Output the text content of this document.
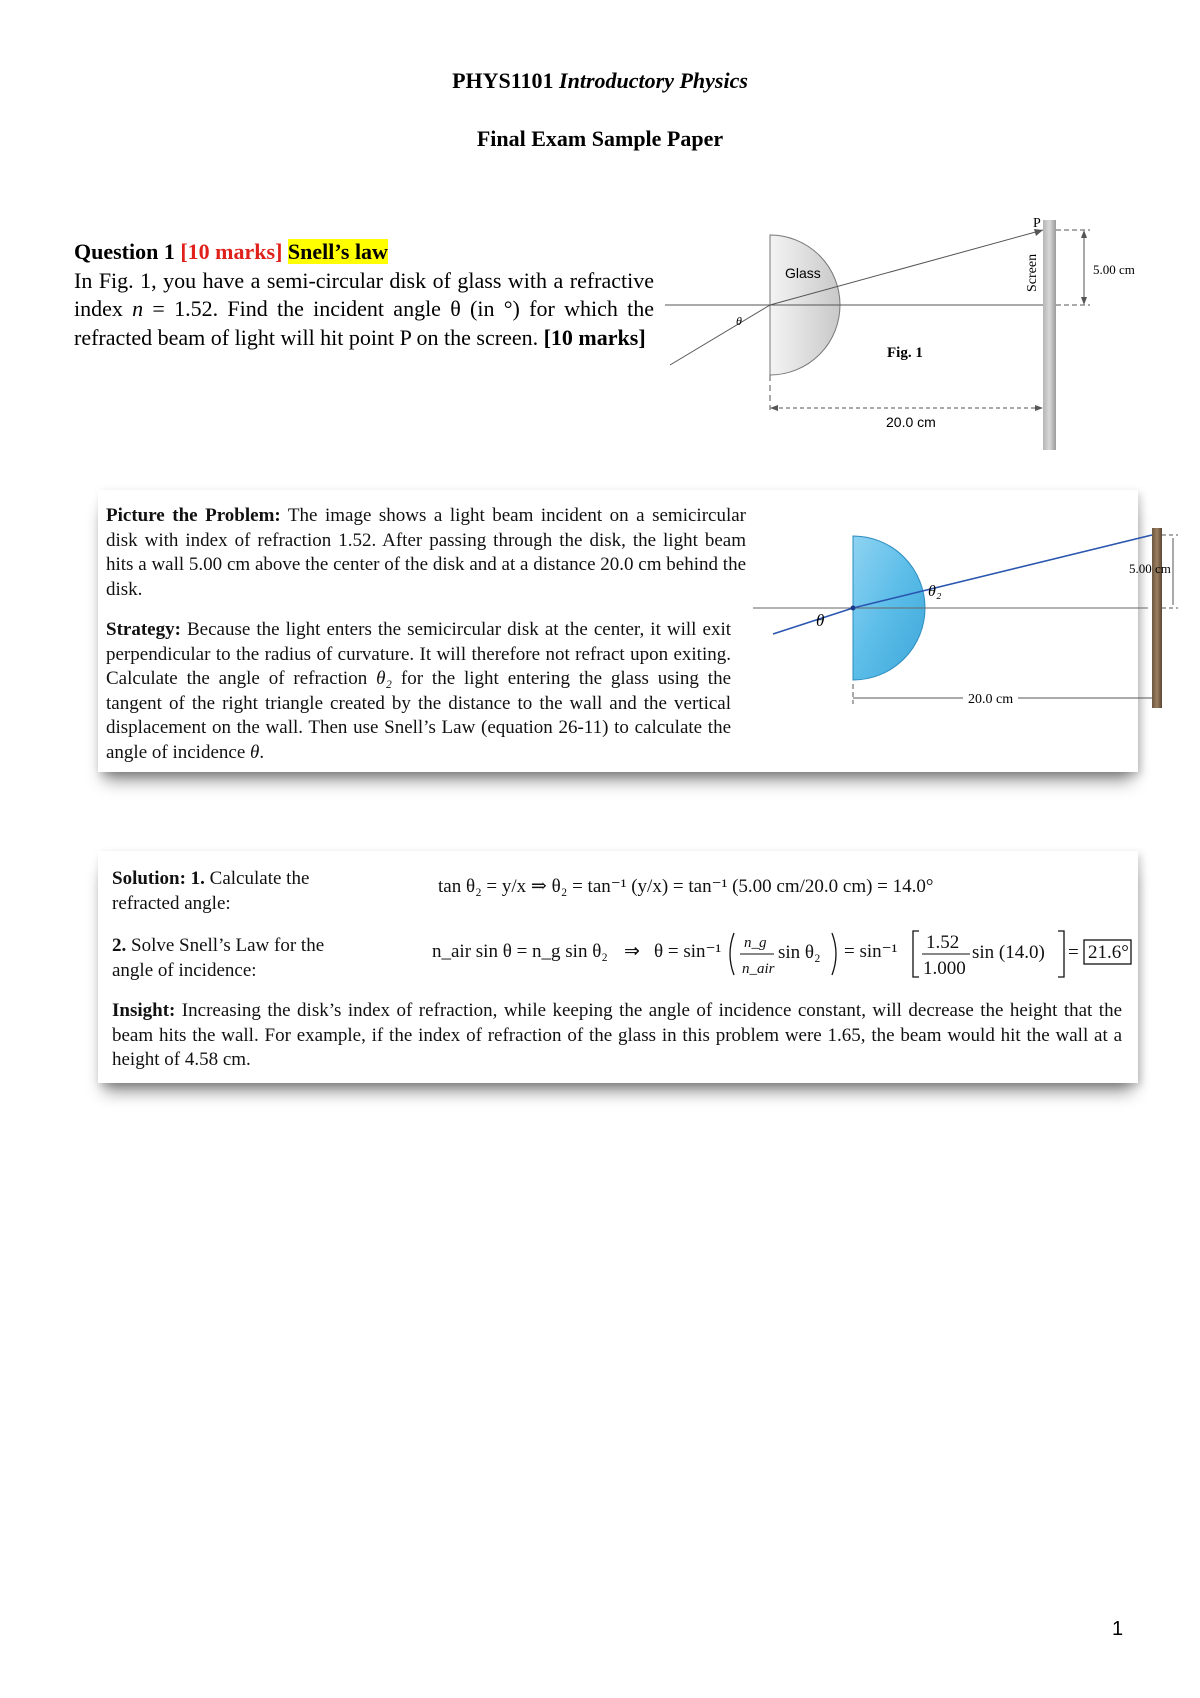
PHYS1101 Introductory Physics
Final Exam Sample Paper
Question 1 [10 marks] Snell’s law
In Fig. 1, you have a semi-circular disk of glass with a refractive index n = 1.52. Find the incident angle θ (in °) for which the refracted beam of light will hit point P on the screen. [10 marks]
Glass
θ
Screen
P
5.00 cm
20.0 cm
Fig. 1
Picture the Problem: The image shows a light beam incident on a semicircular disk with index of refraction 1.52. After passing through the disk, the light beam hits a wall 5.00 cm above the center of the disk and at a distance 20.0 cm behind the disk.
Strategy: Because the light enters the semicircular disk at the center, it will exit perpendicular to the radius of curvature. It will therefore not refract upon exiting. Calculate the angle of refraction θ₂ for the light entering the glass using the tangent of the right triangle created by the distance to the wall and the vertical displacement on the wall. Then use Snell’s Law (equation 26-11) to calculate the angle of incidence θ.
θ
θ₂
5.00 cm
20.0 cm
Solution: 1. Calculate the refracted angle:
tan θ₂ = y/x ⇒ θ₂ = tan⁻¹ (y/x) = tan⁻¹ (5.00 cm/20.0 cm) = 14.0°
2. Solve Snell’s Law for the angle of incidence:
n_air sin θ = n_g sin θ₂ ⇒ θ = sin⁻¹ n_g
n_air
sin θ₂ = sin⁻¹ 1.52
1.000
sin (14.0) = 21.6°
Insight: Increasing the disk’s index of refraction, while keeping the angle of incidence constant, will decrease the height that the beam hits the wall. For example, if the index of refraction of the glass in this problem were 1.65, the beam would hit the wall at a height of 4.58 cm.
1
